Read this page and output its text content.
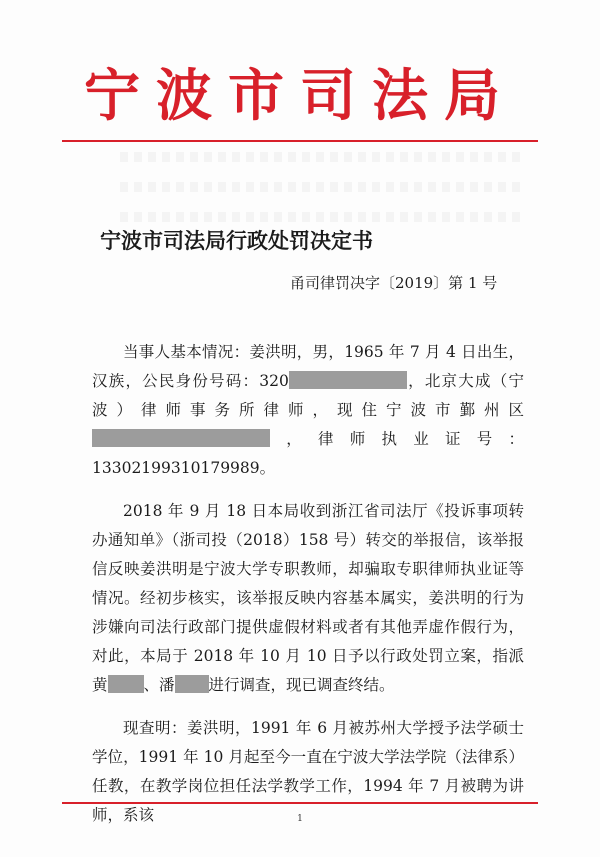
宁波市司法局
宁波市司法局行政处罚决定书
甬司律罚决字〔2019〕第 1 号

当事人基本情况：姜洪明，男，1965 年 7 月 4 日出生，汉族，公民身份号码：320	，北京大成（宁波）律师事务所律师，现住宁波市鄞州区，律师执业证号：13302199310179989。

2018 年 9 月 18 日本局收到浙江省司法厅《投诉事项转办通知单》（浙司投（2018）158 号）转交的举报信，该举报信反映姜洪明是宁波大学专职教师，却骗取专职律师执业证等情况。经初步核实，该举报反映内容基本属实，姜洪明的行为涉嫌向司法行政部门提供虚假材料或者有其他弄虚作假行为，对此，本局于 2018 年 10 月 10 日予以行政处罚立案，指派黄 、潘 进行调查，现已调查终结。

现查明：姜洪明，1991 年 6 月被苏州大学授予法学硕士学位，1991 年 10 月起至今一直在宁波大学法学院（法律系）任教，在教学岗位担任法学教学工作，1994 年 7 月被聘为讲师，系该	1
